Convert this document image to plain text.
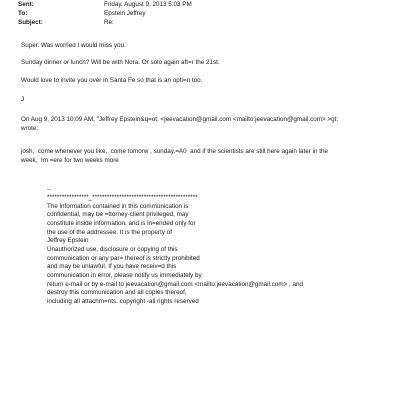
Sent:	Friday, August 9, 2013 5:03 PM
To:	Epstein Jeffrey
Subject:	Re:
Super. Was worried I would miss you.
Sunday dinner or lunch? Will be with Nora. Or solo again aft=r the 21st.
Would love to invite you over in Santa Fe so that is an opti=n too.
J
On Aug 9, 2013 10:09 AM, "Jeffrey Epstein&q=ot; <jeevacation@gmail.com <mailto:jeevacation@gmail.com> >gt;
wrote:
josh,  come whenever you like,  come tomorw , sunday,=A0  and if the scientists are still here again later in the
week,  Im =ere for two weeks more
--
*****************_*******************************************
The information contained in this communication is
confidential, may be =ttorney-client privileged, may
constitute inside information, and is in=ended only for
the use of the addressee. It is the property of
Jeffrey Epstein
Unauthorized use, disclosure or copying of this
communication or any par= thereof is strictly prohibited
and may be unlawful. If you have receiv=d this
communication in error, please notify us immediately by
return e-mail or by e-mail to jeevacation@gmail.com <mailto:jeevacation@gmail.com> , and
destroy this communication and all copies thereof,
including all attachm=nts. copyright -all rights reserved
